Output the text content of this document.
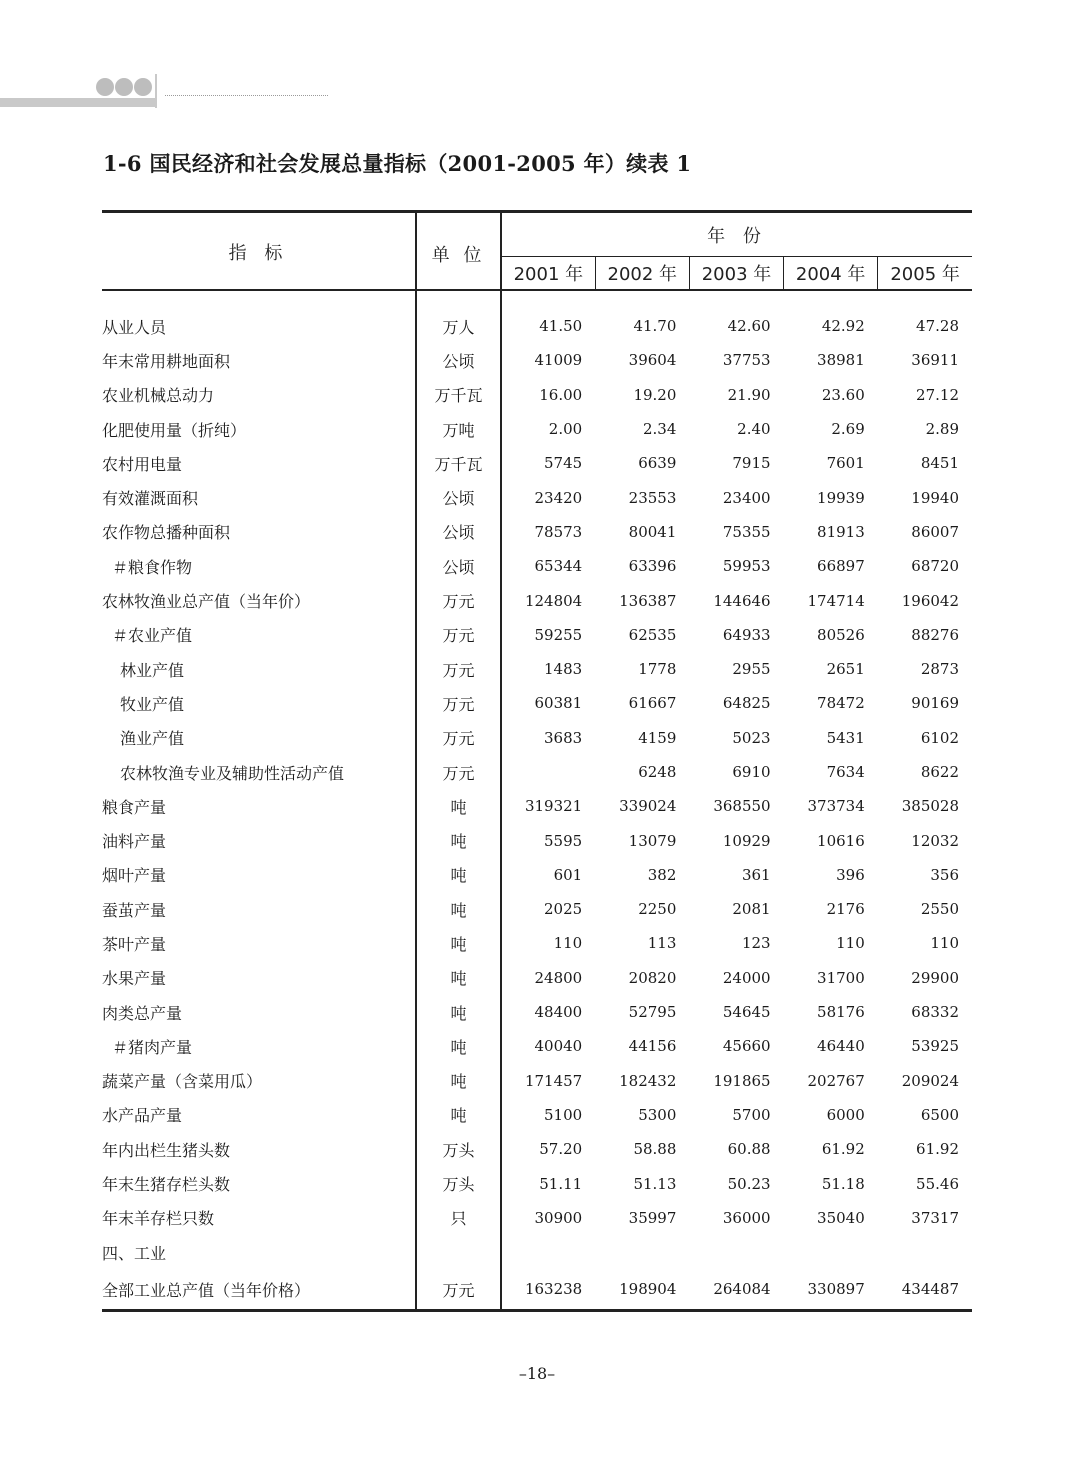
1-6 国民经济和社会发展总量指标（2001-2005 年）续表 1
指 标	单 位	年 份				
		2001 年	2002 年	2003 年	2004 年	2005 年

从业人员	万人	41.50	41.70	42.60	42.92	47.28
年末常用耕地面积	公顷	41009	39604	37753	38981	36911
农业机械总动力	万千瓦	16.00	19.20	21.90	23.60	27.12
化肥使用量（折纯）	万吨	2.00	2.34	2.40	2.69	2.89
农村用电量	万千瓦	5745	6639	7915	7601	8451
有效灌溉面积	公顷	23420	23553	23400	19939	19940
农作物总播种面积	公顷	78573	80041	75355	81913	86007
＃粮食作物	公顷	65344	63396	59953	66897	68720
农林牧渔业总产值（当年价）	万元	124804	136387	144646	174714	196042
＃农业产值	万元	59255	62535	64933	80526	88276
林业产值	万元	1483	1778	2955	2651	2873
牧业产值	万元	60381	61667	64825	78472	90169
渔业产值	万元	3683	4159	5023	5431	6102
农林牧渔专业及辅助性活动产值	万元		6248	6910	7634	8622
粮食产量	吨	319321	339024	368550	373734	385028
油料产量	吨	5595	13079	10929	10616	12032
烟叶产量	吨	601	382	361	396	356
蚕茧产量	吨	2025	2250	2081	2176	2550
茶叶产量	吨	110	113	123	110	110
水果产量	吨	24800	20820	24000	31700	29900
肉类总产量	吨	48400	52795	54645	58176	68332
＃猪肉产量	吨	40040	44156	45660	46440	53925
蔬菜产量（含菜用瓜）	吨	171457	182432	191865	202767	209024
水产品产量	吨	5100	5300	5700	6000	6500
年内出栏生猪头数	万头	57.20	58.88	60.88	61.92	61.92
年末生猪存栏头数	万头	51.11	51.13	50.23	51.18	55.46
年末羊存栏只数	只	30900	35997	36000	35040	37317
四、工业						
全部工业总产值（当年价格）	万元	163238	198904	264084	330897	434487
–18–
